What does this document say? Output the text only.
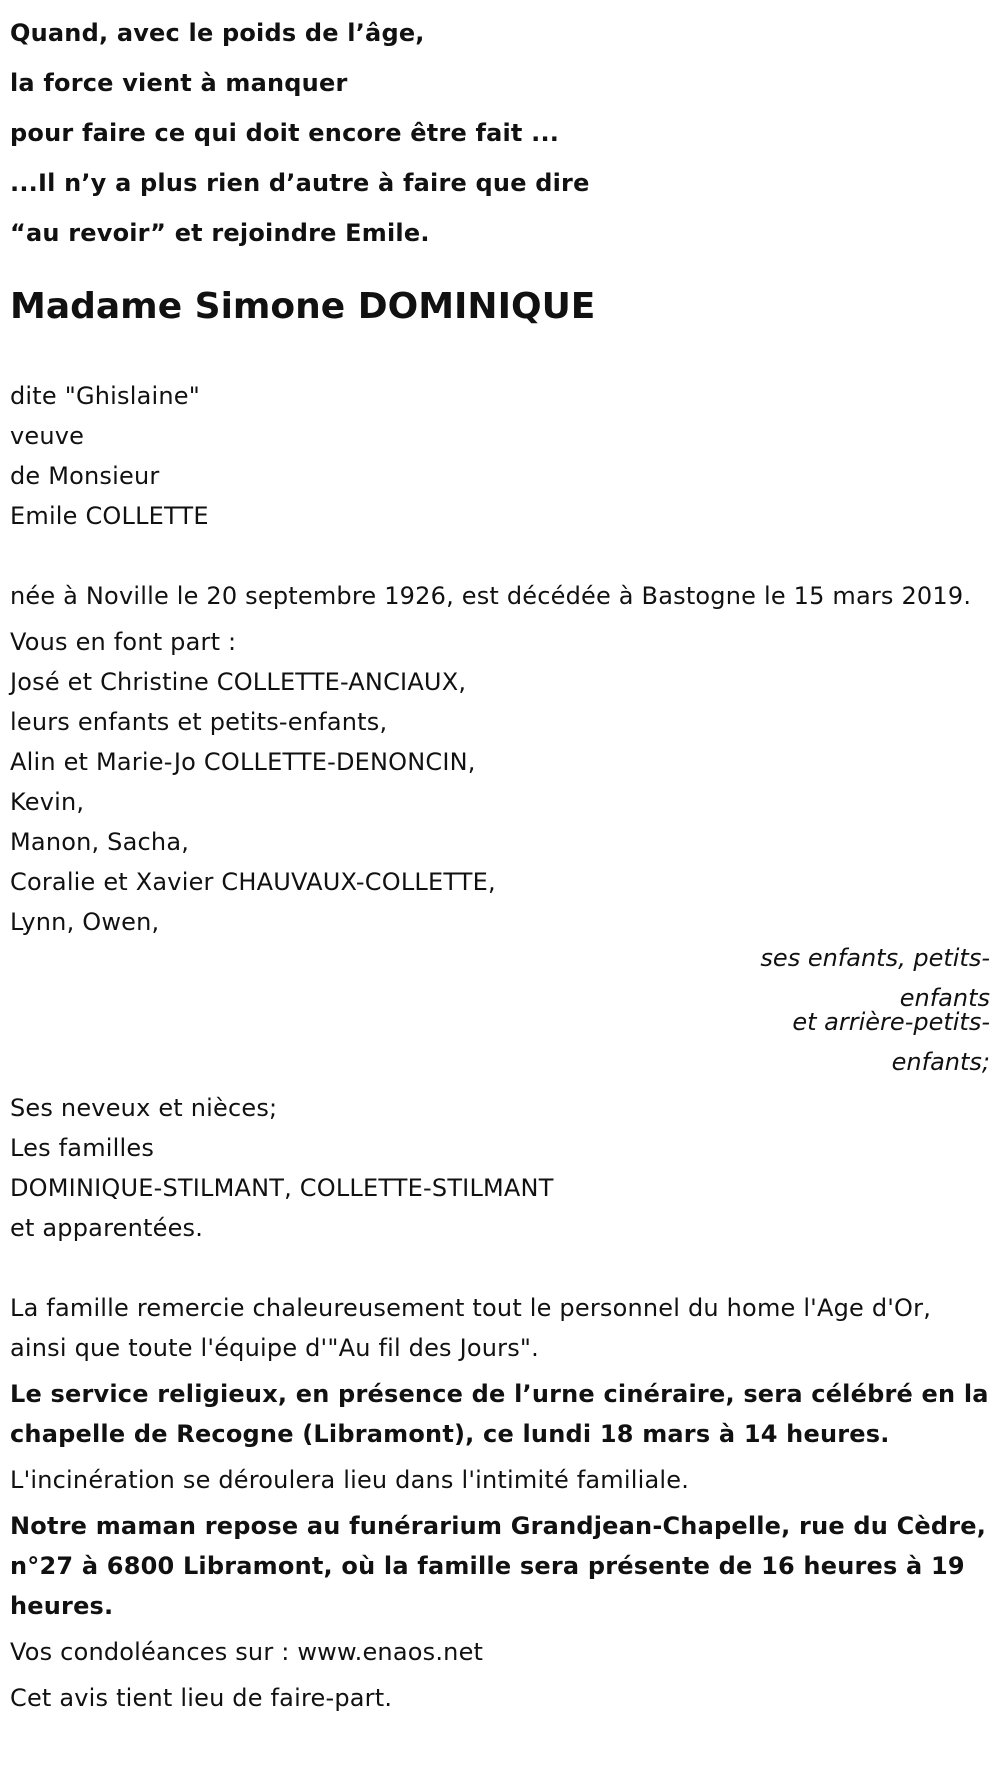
Quand, avec le poids de l’âge,
la force vient à manquer
pour faire ce qui doit encore être fait ...
...Il n’y a plus rien d’autre à faire que dire
“au revoir” et rejoindre Emile.
Madame Simone DOMINIQUE
dite "Ghislaine"
veuve
de Monsieur
Emile COLLETTE

née à Noville le 20 septembre 1926, est décédée à Bastogne le 15 mars 2019.

Vous en font part :
José et Christine COLLETTE-ANCIAUX,
leurs enfants et petits-enfants,
Alin et Marie-Jo COLLETTE-DENONCIN,
Kevin,
Manon, Sacha,
Coralie et Xavier CHAUVAUX-COLLETTE,
Lynn, Owen,
ses enfants, petits-
enfants
et arrière-petits-
enfants;
Ses neveux et nièces;
Les familles
DOMINIQUE-STILMANT, COLLETTE-STILMANT
et apparentées.

La famille remercie chaleureusement tout le personnel du home l'Age d'Or, ainsi que toute l'équipe d'"Au fil des Jours".

Le service religieux, en présence de l’urne cinéraire, sera célébré en la chapelle de Recogne (Libramont), ce lundi 18 mars à 14 heures.

L'incinération se déroulera lieu dans l'intimité familiale.

Notre maman repose au funérarium Grandjean-Chapelle, rue du Cèdre, n°27 à 6800 Libramont, où la famille sera présente de 16 heures à 19 heures.

Vos condoléances sur : www.enaos.net

Cet avis tient lieu de faire-part.
